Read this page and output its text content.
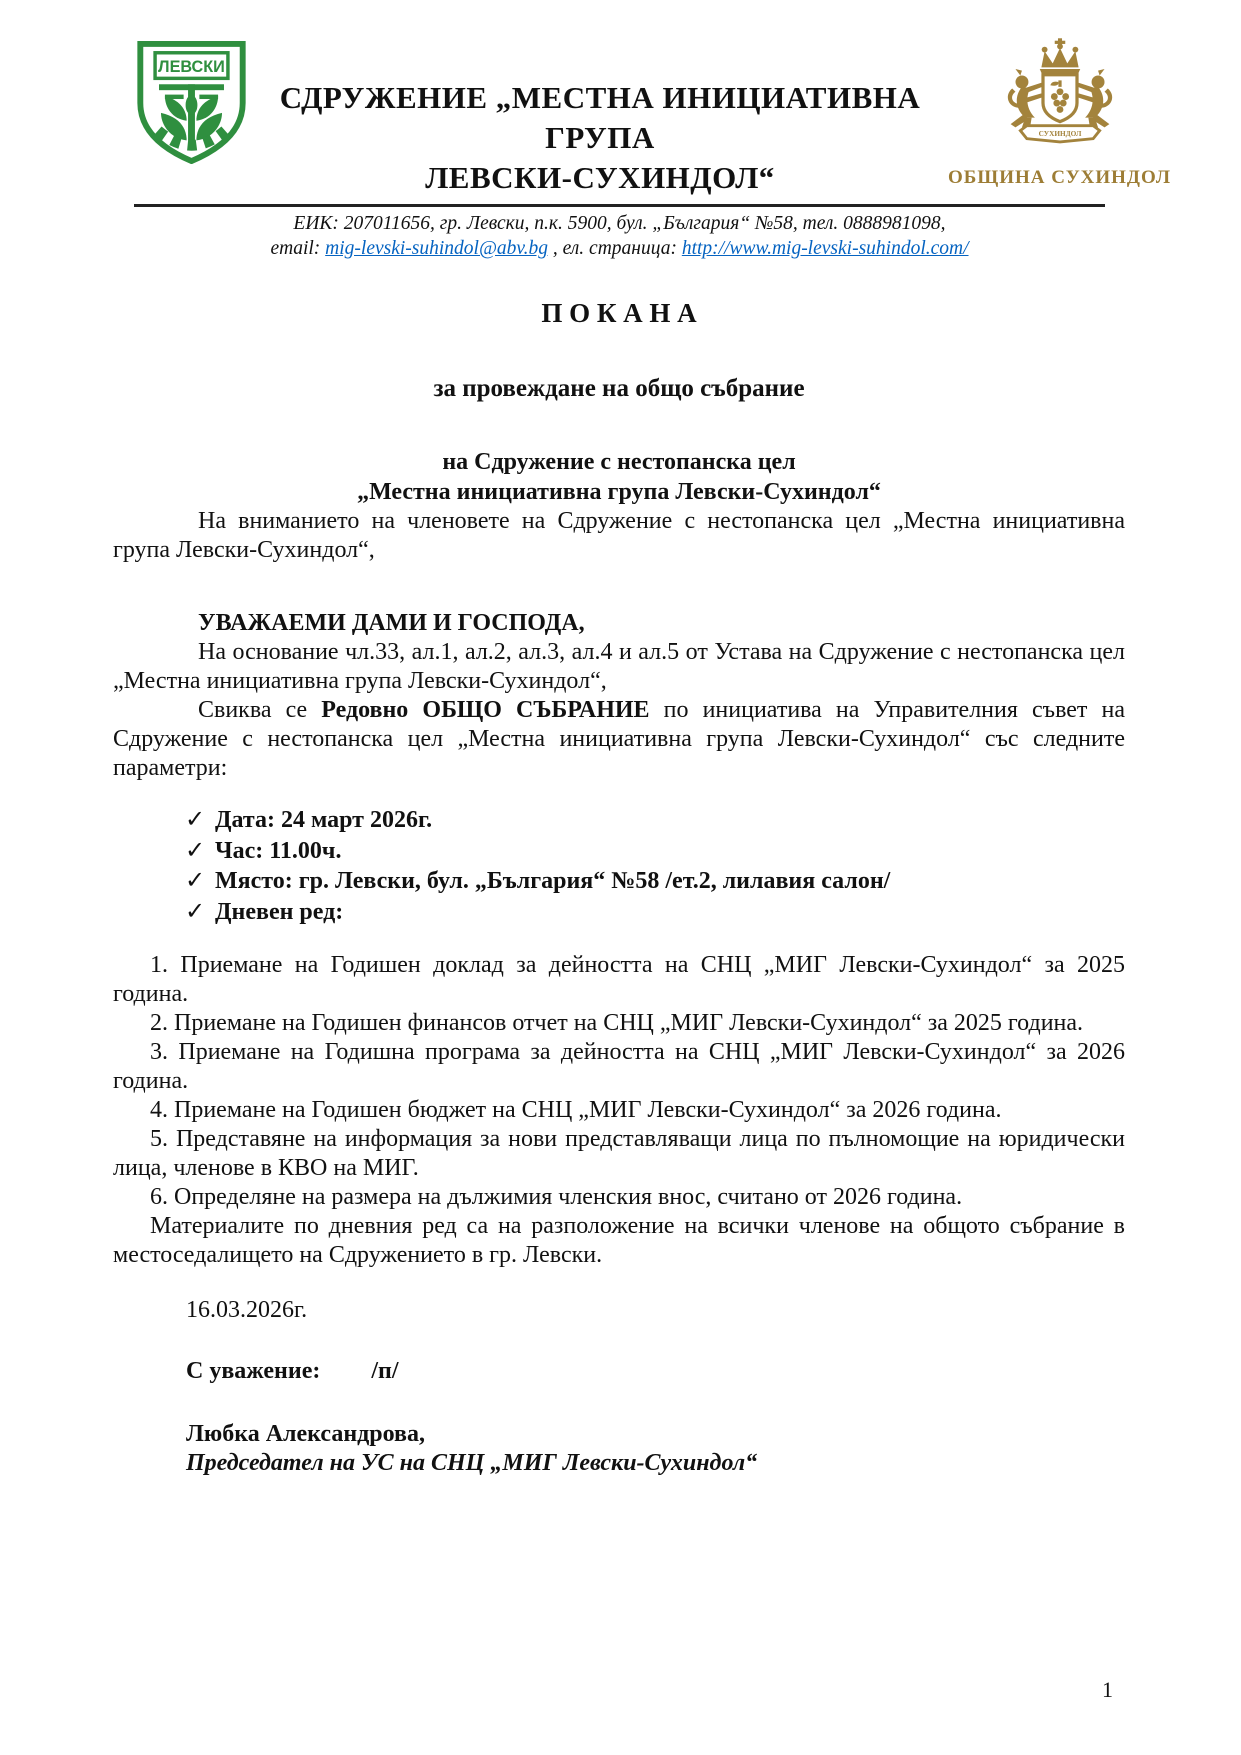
ЛЕВСКИ
СДРУЖЕНИЕ „МЕСТНА ИНИЦИАТИВНА ГРУПА
ЛЕВСКИ-СУХИНДОЛ“
СУХИНДОЛ
ОБЩИНА СУХИНДОЛ
ЕИК: 207011656, гр. Левски, п.к. 5900, бул. „България“ №58, тел. 0888981098,
email: mig-levski-suhindol@abv.bg , ел. страница: http://www.mig-levski-suhindol.com/
П О К А Н А
за провеждане на общо събрание
на Сдружение с нестопанска цел
„Местна инициативна група Левски-Сухиндол“

На вниманието на членовете на Сдружение с нестопанска цел „Местна инициативна група Левски-Сухиндол“,

УВАЖАЕМИ ДАМИ И ГОСПОДА,

На основание чл.33, ал.1, ал.2, ал.3, ал.4 и ал.5 от Устава на Сдружение с нестопанска цел „Местна инициативна група Левски-Сухиндол“,

Свиква се Редовно ОБЩО СЪБРАНИЕ по инициатива на Управителния съвет на Сдружение с нестопанска цел „Местна инициативна група Левски-Сухиндол“ със следните параметри:

✓ Дата: 24 март 2026г.
✓ Час: 11.00ч.
✓ Място: гр. Левски, бул. „България“ №58 /ет.2, лилавия салон/
✓ Дневен ред:

1. Приемане на Годишен доклад за дейността на СНЦ „МИГ Левски-Сухиндол“ за 2025 година.

2. Приемане на Годишен финансов отчет на СНЦ „МИГ Левски-Сухиндол“ за 2025 година.

3. Приемане на Годишна програма за дейността на СНЦ „МИГ Левски-Сухиндол“ за 2026 година.

4. Приемане на Годишен бюджет на СНЦ „МИГ Левски-Сухиндол“ за 2026 година.

5. Представяне на информация за нови представляващи лица по пълномощие на юридически лица, членове в КВО на МИГ.

6. Определяне на размера на дължимия членския внос, считано от 2026 година.

Материалите по дневния ред са на разположение на всички членове на общото събрание в местоседалището на Сдружението в гр. Левски.

16.03.2026г.
С уважение: /п/
Любка Александрова,
Председател на УС на СНЦ „МИГ Левски-Сухиндол“
1
